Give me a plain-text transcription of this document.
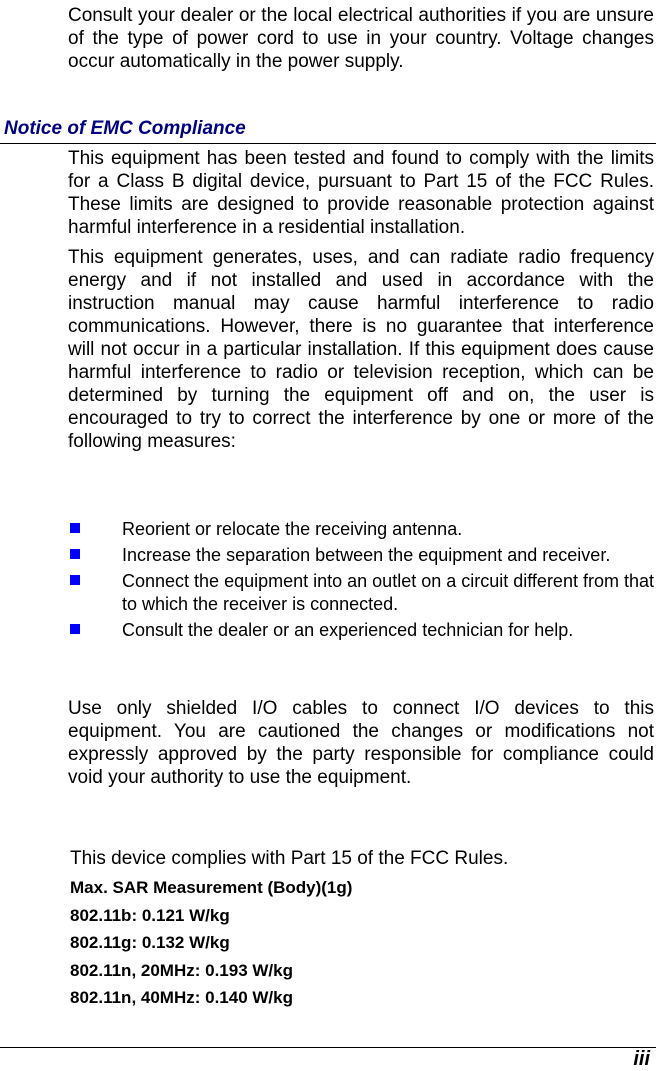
Consult your dealer or the local electrical authorities if you are unsure of the type of power cord to use in your country. Voltage changes occur automatically in the power supply.

Notice of EMC Compliance

This equipment has been tested and found to comply with the limits for a Class B digital device, pursuant to Part 15 of the FCC Rules. These limits are designed to provide reasonable protection against harmful interference in a residential installation.

This equipment generates, uses, and can radiate radio frequency energy and if not installed and used in accordance with the instruction manual may cause harmful interference to radio communications. However, there is no guarantee that interference will not occur in a particular installation. If this equipment does cause harmful interference to radio or television reception, which can be determined by turning the equipment off and on, the user is encouraged to try to correct the interference by one or more of the following measures:

Reorient or relocate the receiving antenna.
Increase the separation between the equipment and receiver.
Connect the equipment into an outlet on a circuit different from that to which the receiver is connected.
Consult the dealer or an experienced technician for help.

Use only shielded I/O cables to connect I/O devices to this equipment. You are cautioned the changes or modifications not expressly approved by the party responsible for compliance could void your authority to use the equipment.

This device complies with Part 15 of the FCC Rules.

Max. SAR Measurement (Body)(1g)
802.11b: 0.121 W/kg
802.11g: 0.132 W/kg
802.11n, 20MHz: 0.193 W/kg
802.11n, 40MHz: 0.140 W/kg
iii
